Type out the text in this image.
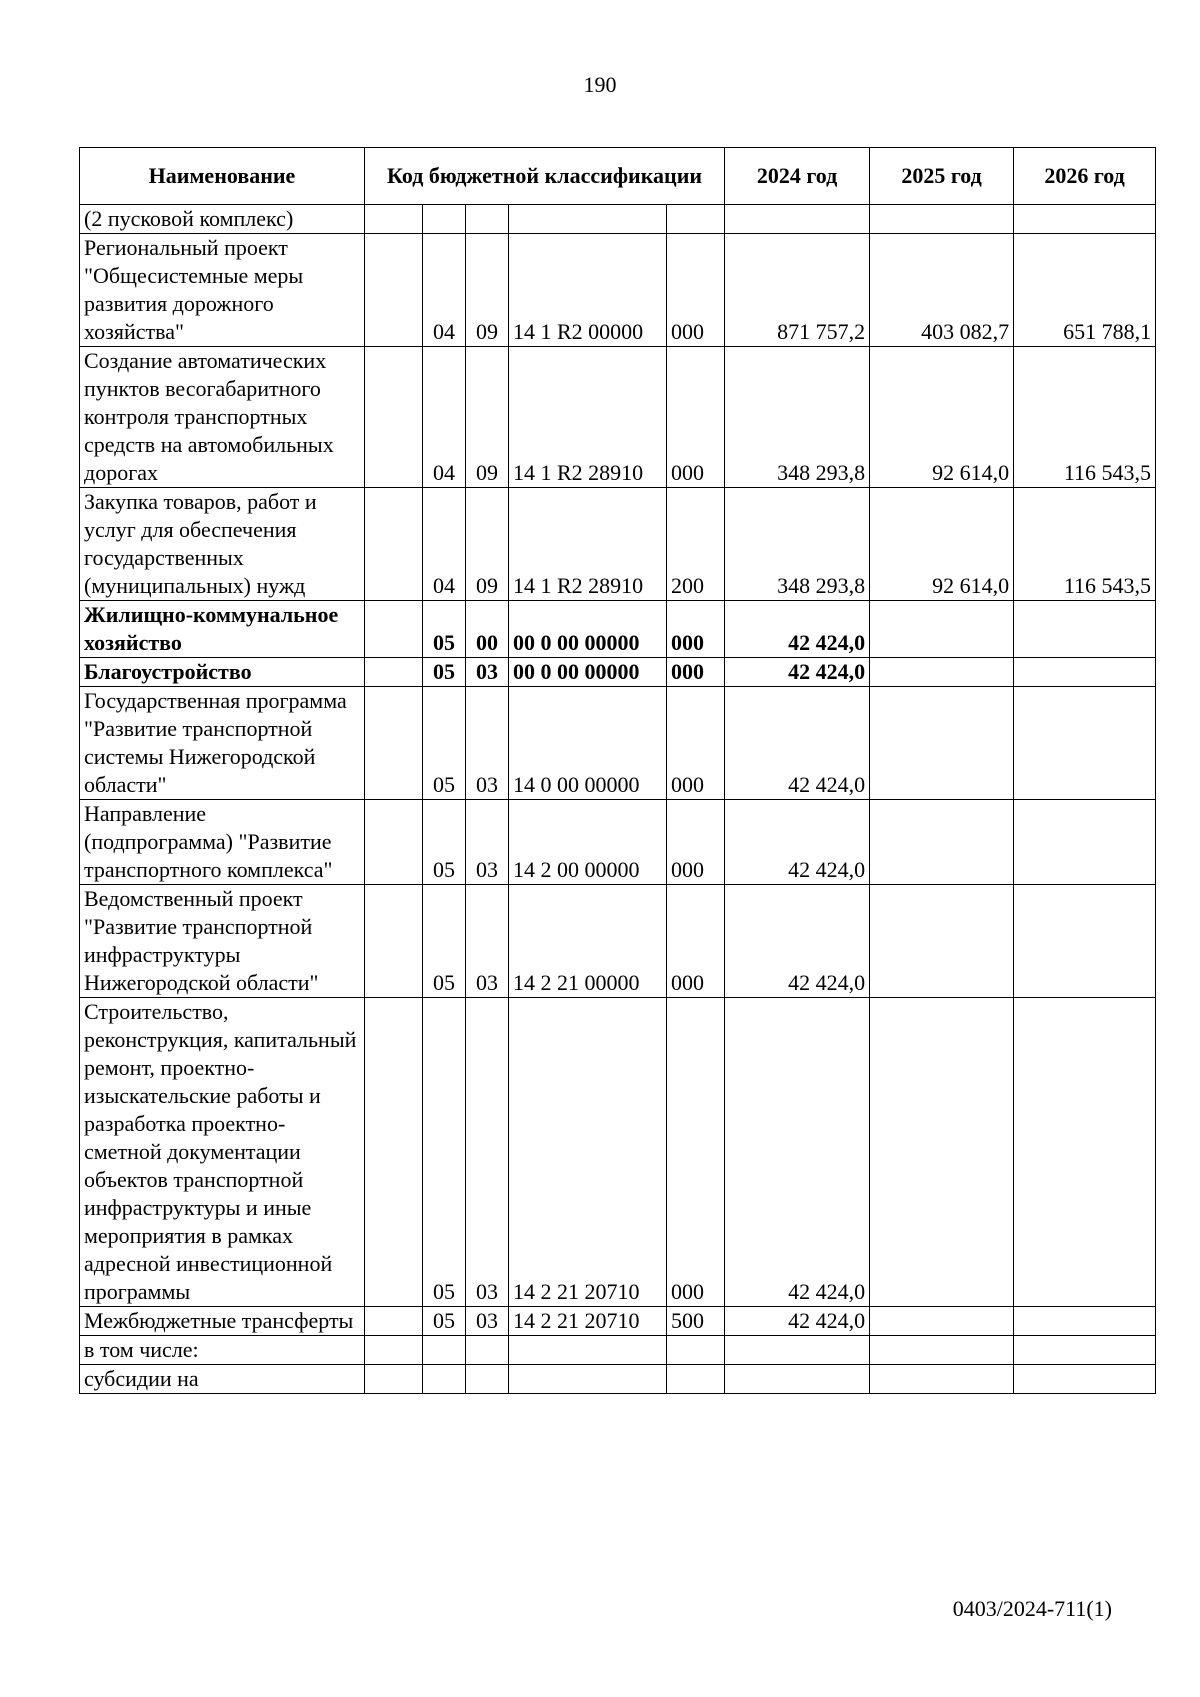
190
Наименование	Код бюджетной классификации					2024 год	2025 год	2026 год
(2 пусковой комплекс)								
Региональный проект "Общесистемные меры развития дорожного хозяйства"		04	09	14 1 R2 00000	000	871 757,2	403 082,7	651 788,1
Создание автоматических пунктов весогабаритного контроля транспортных средств на автомобильных дорогах		04	09	14 1 R2 28910	000	348 293,8	92 614,0	116 543,5
Закупка товаров, работ и услуг для обеспечения государственных (муниципальных) нужд		04	09	14 1 R2 28910	200	348 293,8	92 614,0	116 543,5
Жилищно-коммунальное хозяйство		05	00	00 0 00 00000	000	42 424,0		
Благоустройство		05	03	00 0 00 00000	000	42 424,0		
Государственная программа "Развитие транспортной системы Нижегородской области"		05	03	14 0 00 00000	000	42 424,0		
Направление (подпрограмма) "Развитие транспортного комплекса"		05	03	14 2 00 00000	000	42 424,0		
Ведомственный проект "Развитие транспортной инфраструктуры Нижегородской области"		05	03	14 2 21 00000	000	42 424,0		
Строительство, реконструкция, капитальный ремонт, проектно-изыскательские работы и разработка проектно-сметной документации объектов транспортной инфраструктуры и иные мероприятия в рамках адресной инвестиционной программы		05	03	14 2 21 20710	000	42 424,0		
Межбюджетные трансферты		05	03	14 2 21 20710	500	42 424,0		
в том числе:								
субсидии на								
0403/2024-711(1)
